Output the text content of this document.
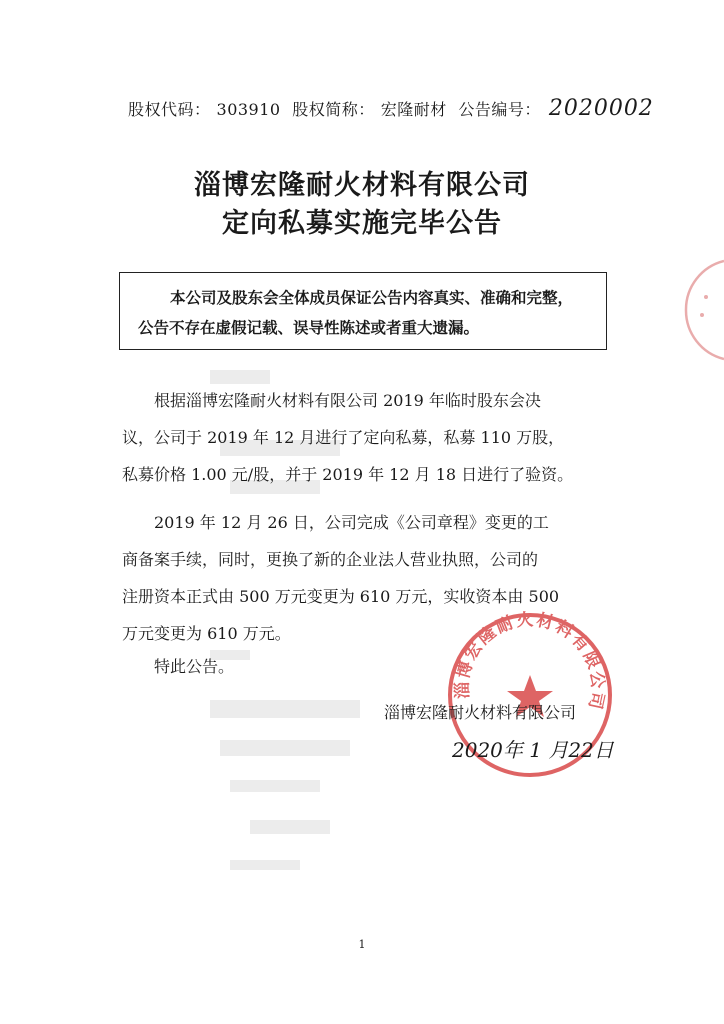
股权代码： 303910 股权简称： 宏隆耐材 公告编号： 2020002
淄博宏隆耐火材料有限公司
定向私募实施完毕公告
本公司及股东会全体成员保证公告内容真实、准确和完整，
公告不存在虚假记载、误导性陈述或者重大遗漏。
根据淄博宏隆耐火材料有限公司 2019 年临时股东会决
议，公司于 2019 年 12 月进行了定向私募，私募 110 万股，
私募价格 1.00 元/股，并于 2019 年 12 月 18 日进行了验资。
2019 年 12 月 26 日，公司完成《公司章程》变更的工
商备案手续，同时，更换了新的企业法人营业执照，公司的
注册资本正式由 500 万元变更为 610 万元，实收资本由 500
万元变更为 610 万元。
特此公告。
淄博宏隆耐火材料有限公司
淄博宏隆耐火材料有限公司
2020年 1 月22日
1
